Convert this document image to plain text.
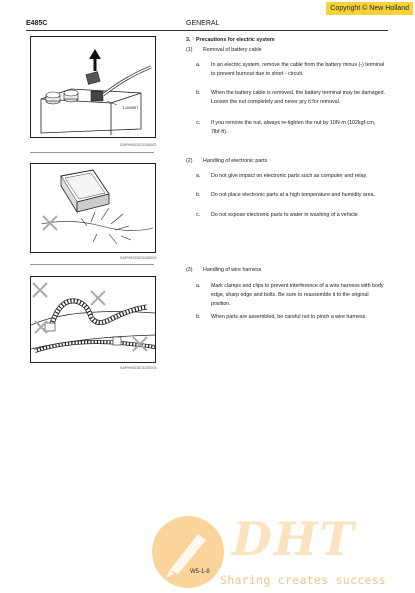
Copyright © New Holland
E485C	GENERAL
Loosen
SAPH09ZDE0100002
SAPH09ZDE0100003
SAPH09ZDE0100004
3. Precautions for electric system
(1) Removal of battery cable
a. In an electric system, remove the cable from the battery minus (-) terminal to prevent burnout due to short - circuit.
b. When the battery cable is removed, the battery terminal may be damaged. Loosen the nut completely and never pry it for removal.
c. If you remove the nut, always re-tighten the nut by 10N·m (102kgf·cm, 7lbf·ft).
(2) Handling of electronic parts
a. Do not give impact on electronic parts such as computer and relay.
b. Do not place electronic parts at a high temperature and humidity area.
c. Do not expose electronic parts to water in washing of a vehicle.
(3) Handling of wire harness
a. Mark clamps and clips to prevent interference of a wire harness with body edge, sharp edge and bolts. Be sure to reassemble it to the original position.
b. When parts are assembled, be careful not to pinch a wire harness.
DHT
Sharing creates success
W5-1-8
